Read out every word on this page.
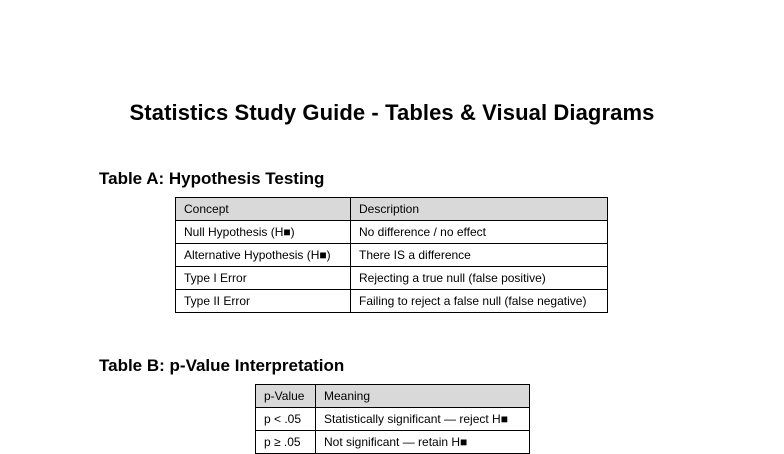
Statistics Study Guide - Tables & Visual Diagrams
Table A: Hypothesis Testing
Concept	Description
Null Hypothesis (H■)	No difference / no effect
Alternative Hypothesis (H■)	There IS a difference
Type I Error	Rejecting a true null (false positive)
Type II Error	Failing to reject a false null (false negative)
Table B: p-Value Interpretation
p-Value	Meaning
p < .05	Statistically significant — reject H■
p ≥ .05	Not significant — retain H■
